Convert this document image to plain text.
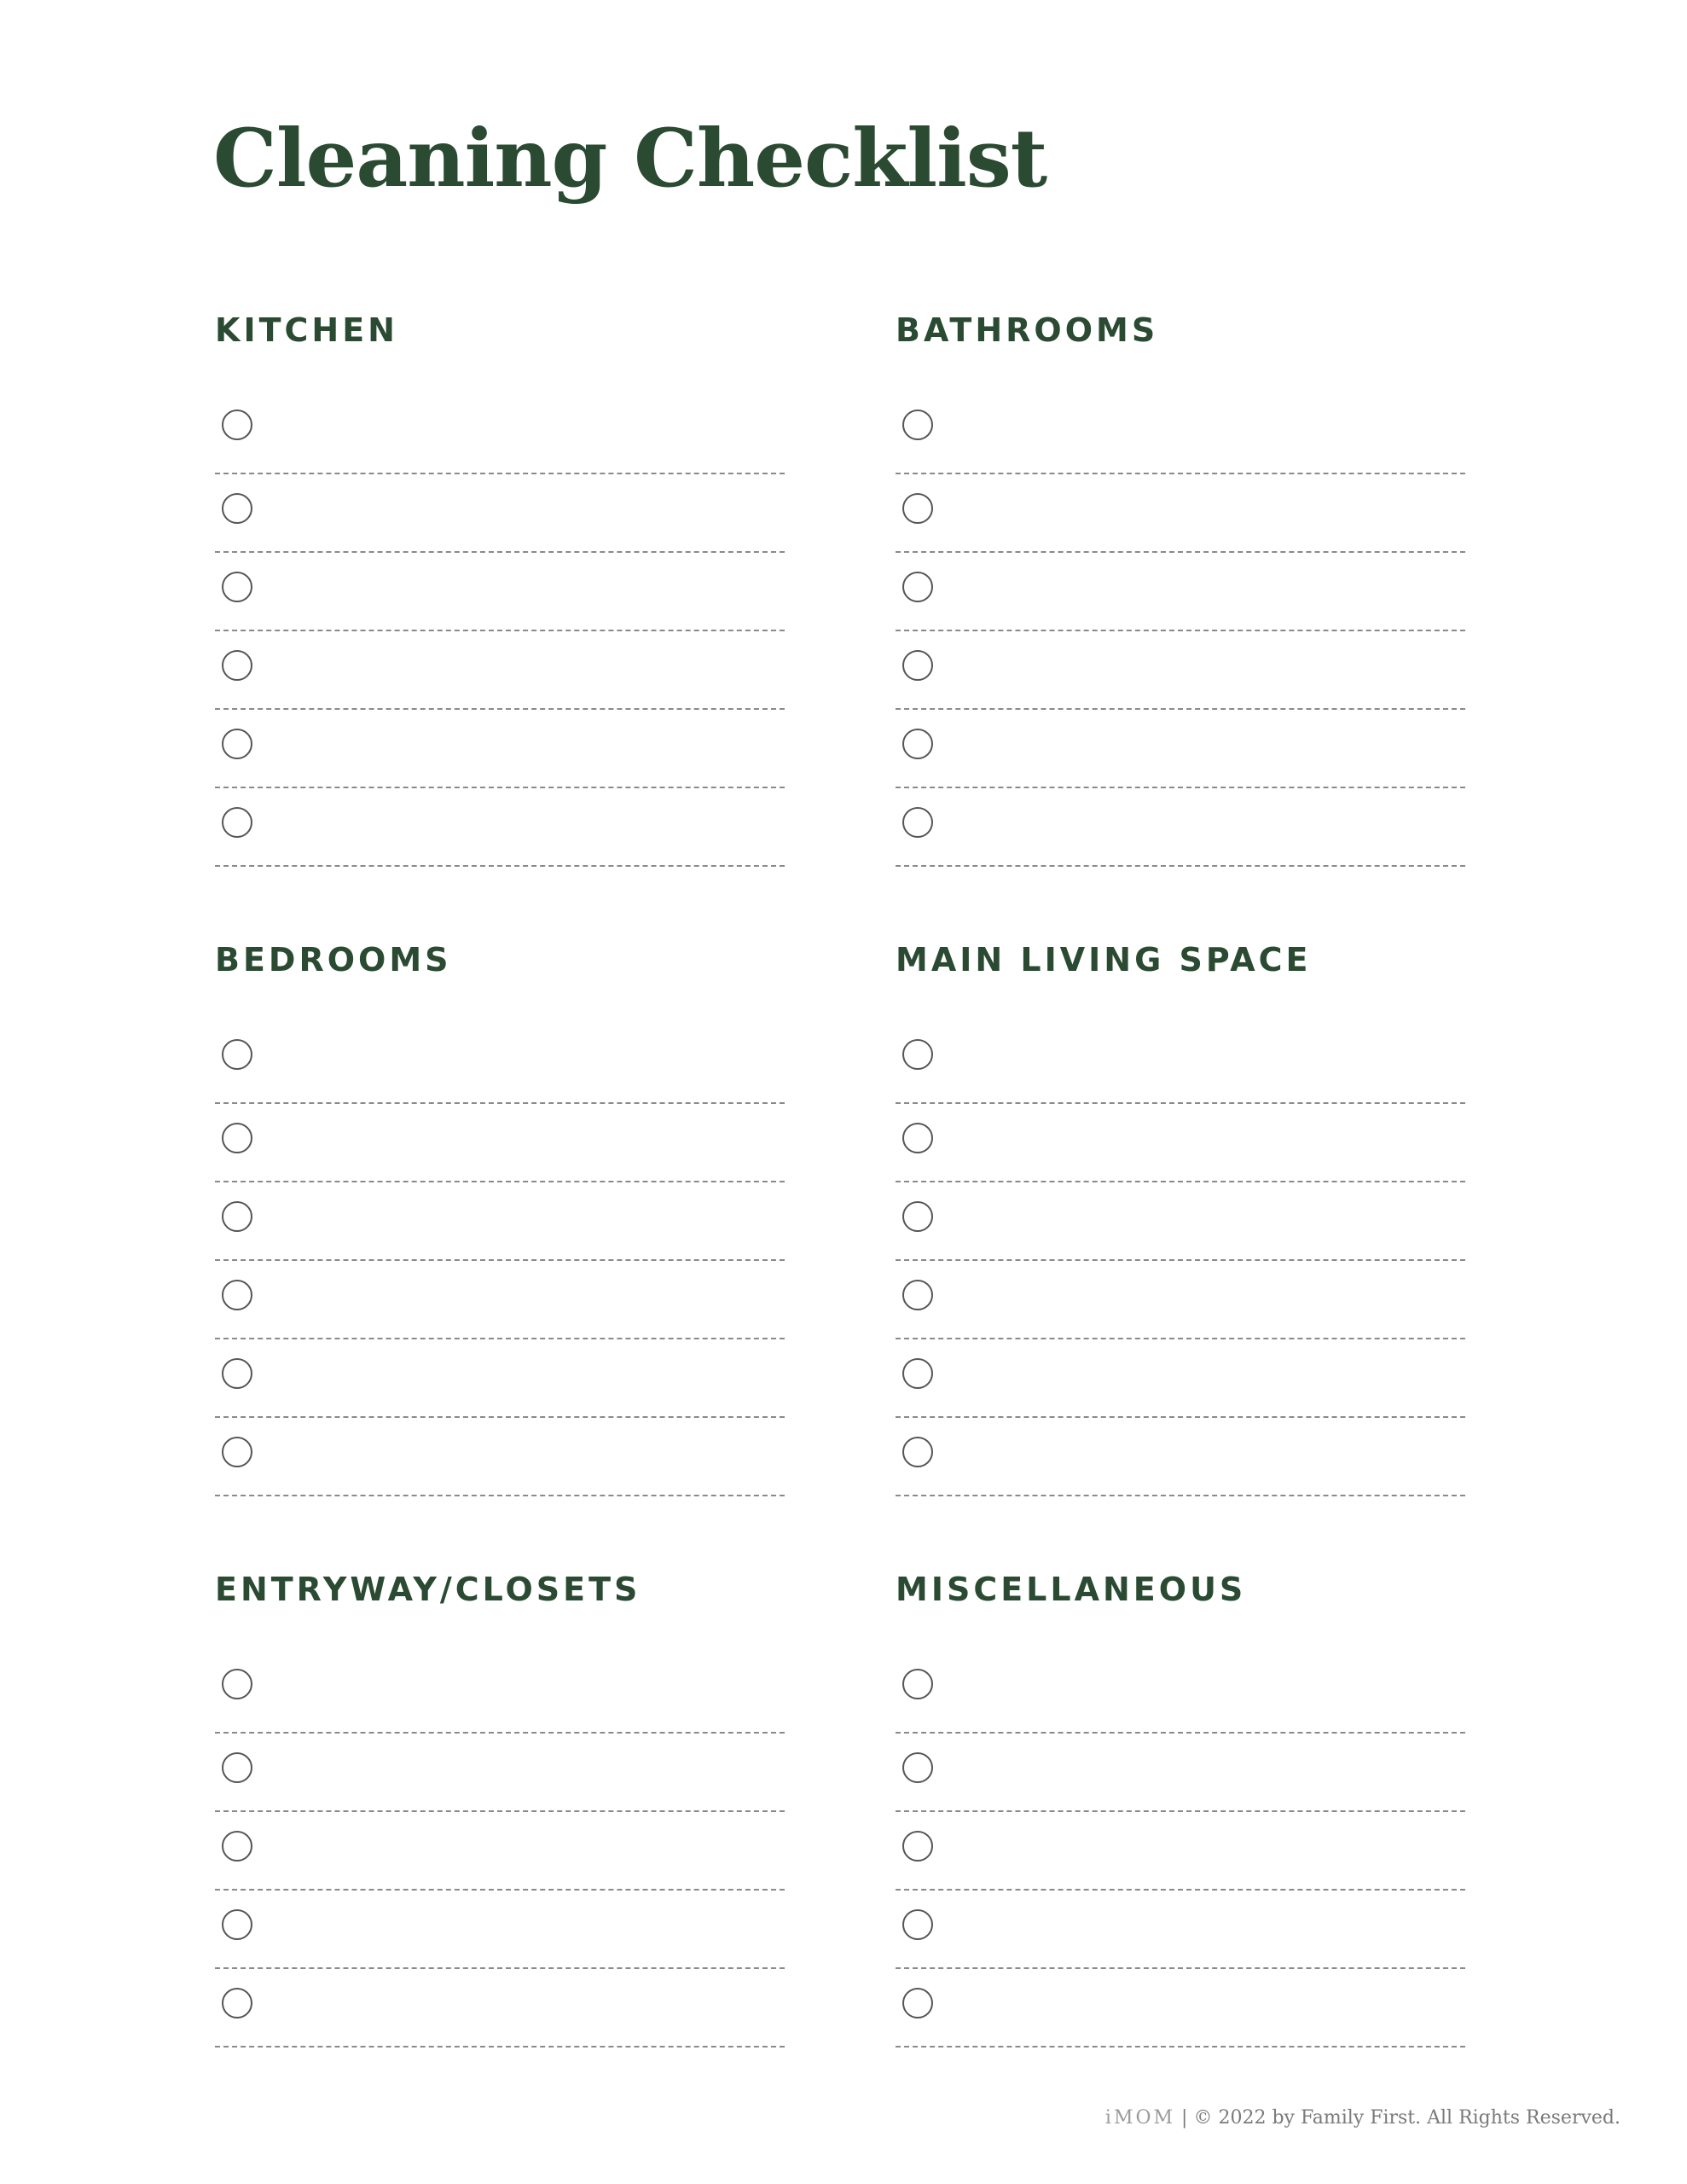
Cleaning Checklist
KITCHEN	BATHROOMS
BEDROOMS	MAIN LIVING SPACE
ENTRYWAY/CLOSETS	MISCELLANEOUS
iMOM | © 2022 by Family First. All Rights Reserved.
